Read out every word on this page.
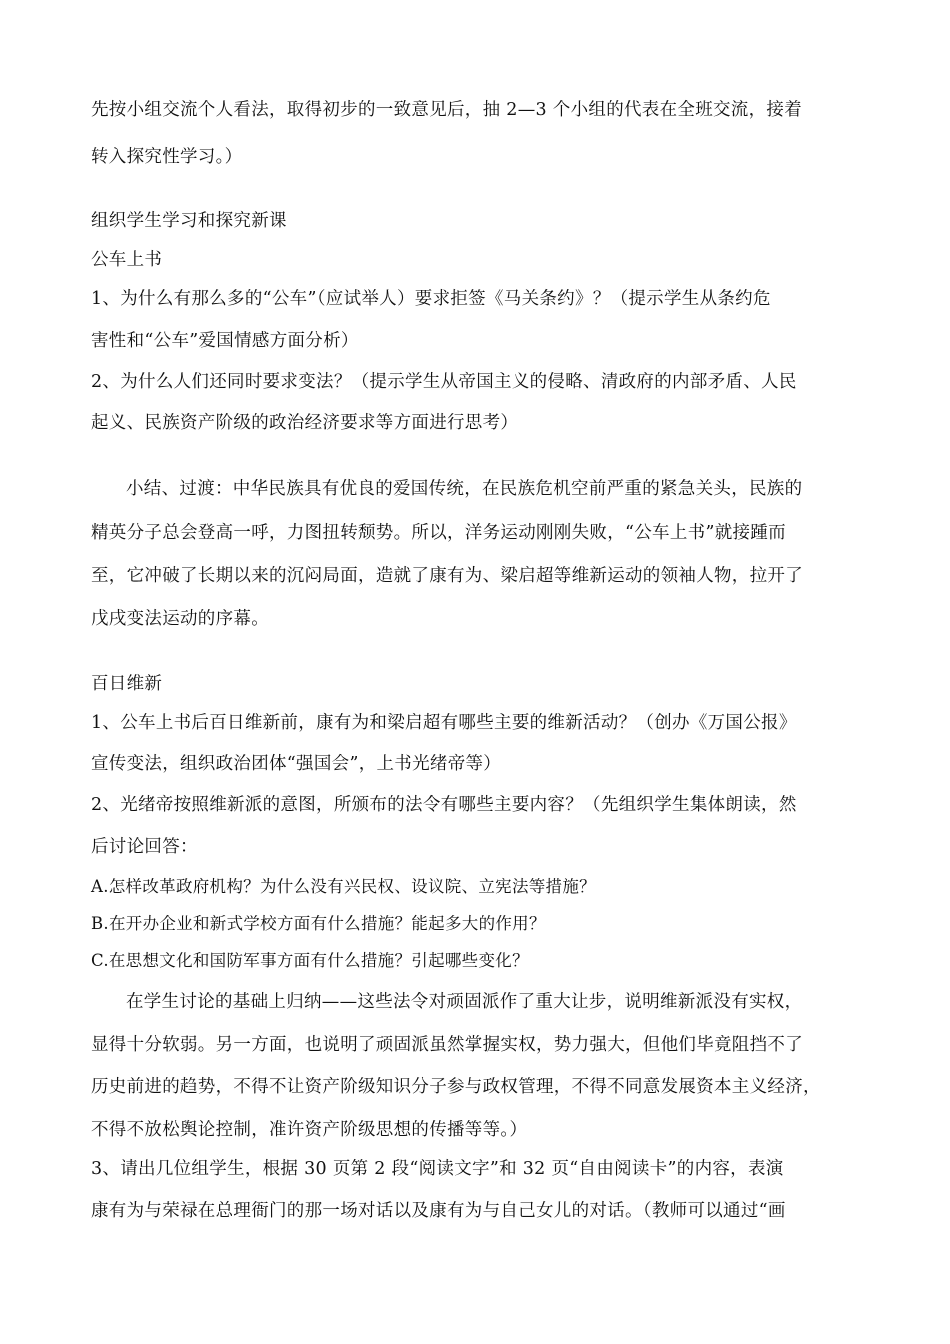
先按小组交流个人看法，取得初步的一致意见后，抽 2—3 个小组的代表在全班交流，接着
转入探究性学习。）
组织学生学习和探究新课
公车上书
1、为什么有那么多的“公车”（应试举人）要求拒签《马关条约》？（提示学生从条约危
害性和“公车”爱国情感方面分析）
2、为什么人们还同时要求变法？（提示学生从帝国主义的侵略、清政府的内部矛盾、人民
起义、民族资产阶级的政治经济要求等方面进行思考）
小结、过渡：中华民族具有优良的爱国传统，在民族危机空前严重的紧急关头，民族的
精英分子总会登高一呼，力图扭转颓势。所以，洋务运动刚刚失败，“公车上书”就接踵而
至，它冲破了长期以来的沉闷局面，造就了康有为、梁启超等维新运动的领袖人物，拉开了
戊戌变法运动的序幕。
百日维新
1、公车上书后百日维新前，康有为和梁启超有哪些主要的维新活动？（创办《万国公报》
宣传变法，组织政治团体“强国会”，上书光绪帝等）
2、光绪帝按照维新派的意图，所颁布的法令有哪些主要内容？（先组织学生集体朗读，然
后讨论回答：
A.怎样改革政府机构？为什么没有兴民权、设议院、立宪法等措施？
B.在开办企业和新式学校方面有什么措施？能起多大的作用？
C.在思想文化和国防军事方面有什么措施？引起哪些变化？
在学生讨论的基础上归纳——这些法令对顽固派作了重大让步，说明维新派没有实权，
显得十分软弱。另一方面，也说明了顽固派虽然掌握实权，势力强大，但他们毕竟阻挡不了
历史前进的趋势，不得不让资产阶级知识分子参与政权管理，不得不同意发展资本主义经济，
不得不放松舆论控制，准许资产阶级思想的传播等等。）
3、请出几位组学生，根据 30 页第 2 段“阅读文字”和 32 页“自由阅读卡”的内容，表演
康有为与荣禄在总理衙门的那一场对话以及康有为与自己女儿的对话。（教师可以通过“画
